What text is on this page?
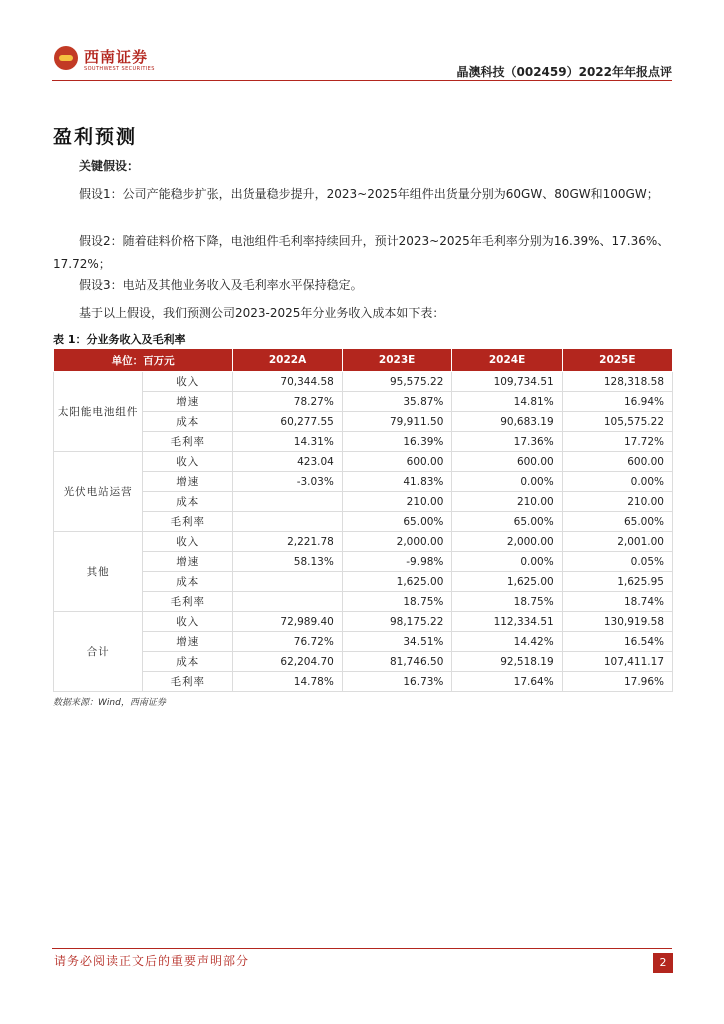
西南证券
SOUTHWEST SECURITIES	晶澳科技（002459）2022年年报点评
盈利预测
关键假设：
假设1：公司产能稳步扩张，出货量稳步提升，2023~2025年组件出货量分别为60GW、80GW和100GW；
假设2：随着硅料价格下降，电池组件毛利率持续回升，预计2023~2025年毛利率分别为16.39%、17.36%、17.72%；
假设3：电站及其他业务收入及毛利率水平保持稳定。
基于以上假设，我们预测公司2023-2025年分业务收入成本如下表：
表 1：分业务收入及毛利率
单位：百万元		2022A	2023E	2024E	2025E
太阳能电池组件	收入	70,344.58	95,575.22	109,734.51	128,318.58
	增速	78.27%	35.87%	14.81%	16.94%
	成本	60,277.55	79,911.50	90,683.19	105,575.22
	毛利率	14.31%	16.39%	17.36%	17.72%
光伏电站运营	收入	423.04	600.00	600.00	600.00
	增速	-3.03%	41.83%	0.00%	0.00%
	成本		210.00	210.00	210.00
	毛利率		65.00%	65.00%	65.00%
其他	收入	2,221.78	2,000.00	2,000.00	2,001.00
	增速	58.13%	-9.98%	0.00%	0.05%
	成本		1,625.00	1,625.00	1,625.95
	毛利率		18.75%	18.75%	18.74%
合计	收入	72,989.40	98,175.22	112,334.51	130,919.58
	增速	76.72%	34.51%	14.42%	16.54%
	成本	62,204.70	81,746.50	92,518.19	107,411.17
	毛利率	14.78%	16.73%	17.64%	17.96%
数据来源：Wind，西南证券
请务必阅读正文后的重要声明部分	2
